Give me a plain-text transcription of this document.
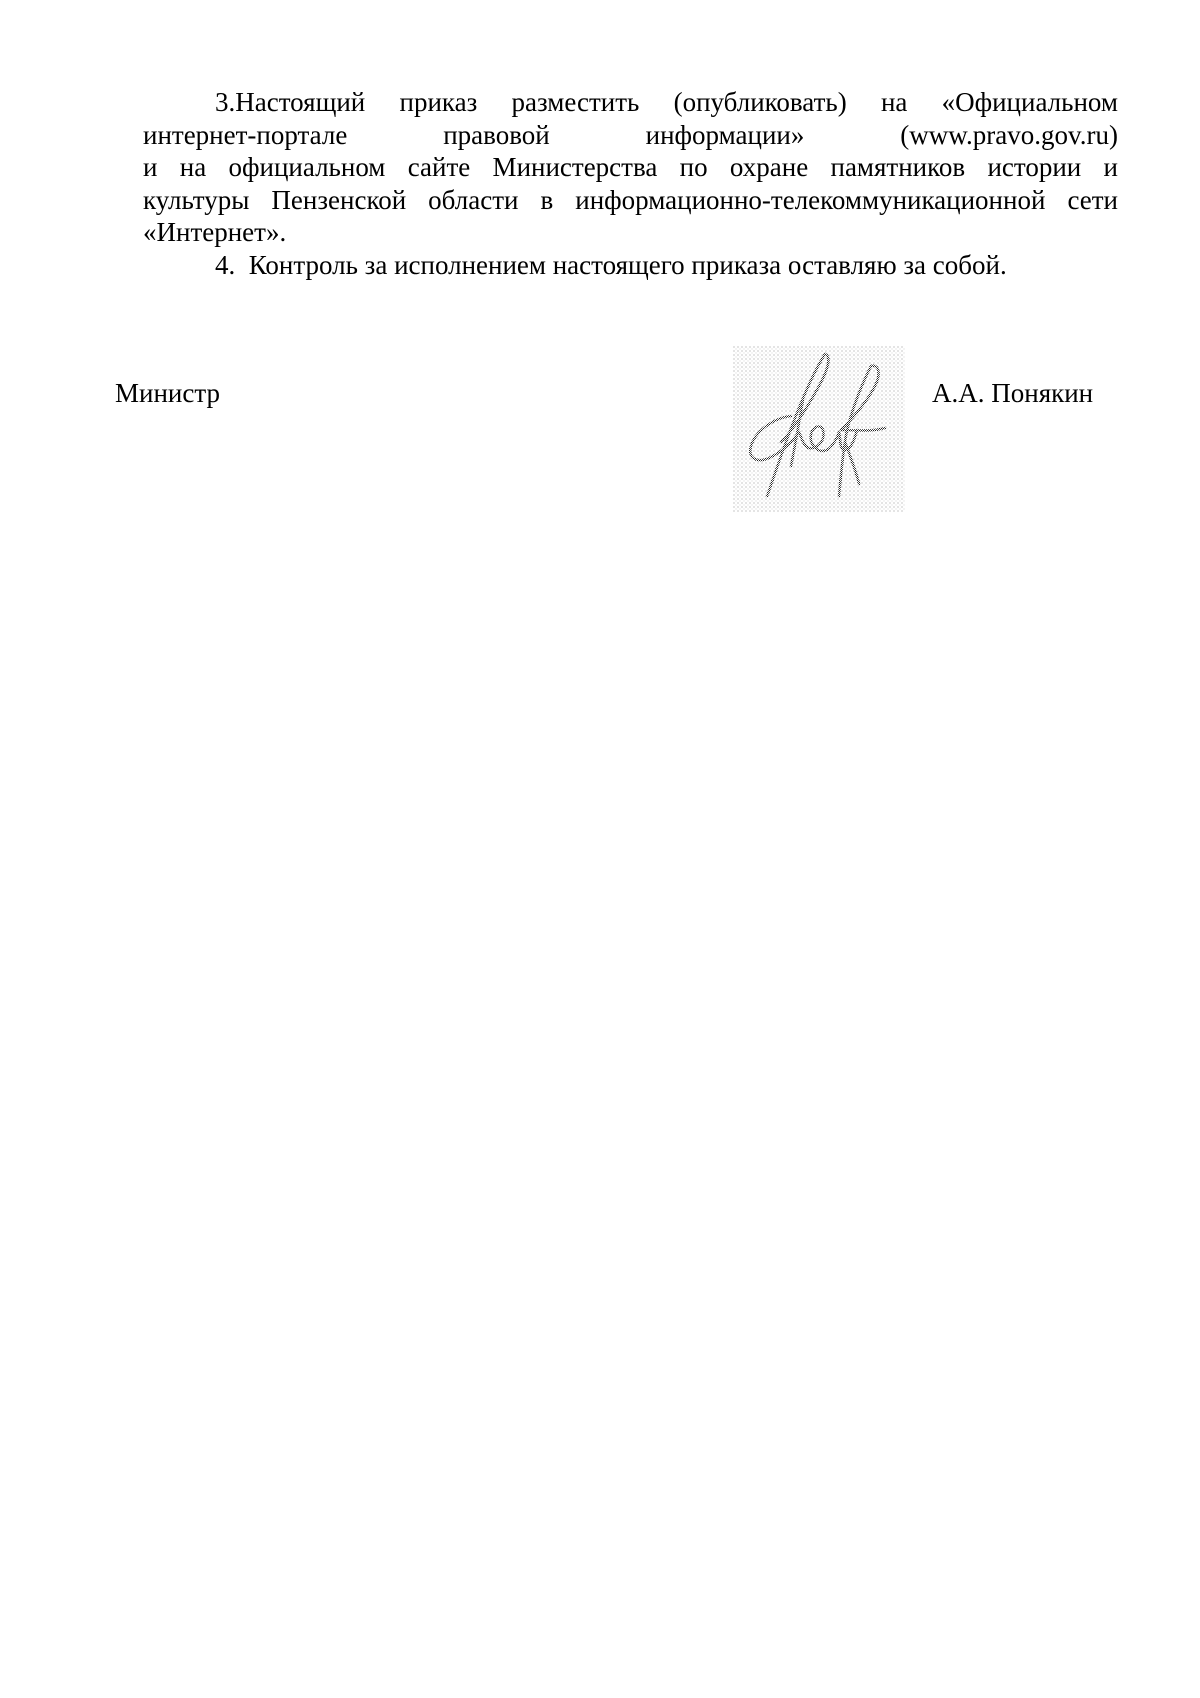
3.Настоящий приказ разместить (опубликовать) на «Официальном
интернет-портале правовой информации» (www.pravo.gov.ru)
и на официальном сайте Министерства по охране памятников истории и
культуры Пензенской области в информационно-телекоммуникационной сети
«Интернет».

4.  Контроль за исполнением настоящего приказа оставляю за собой.

Министр	А.А. Понякин
